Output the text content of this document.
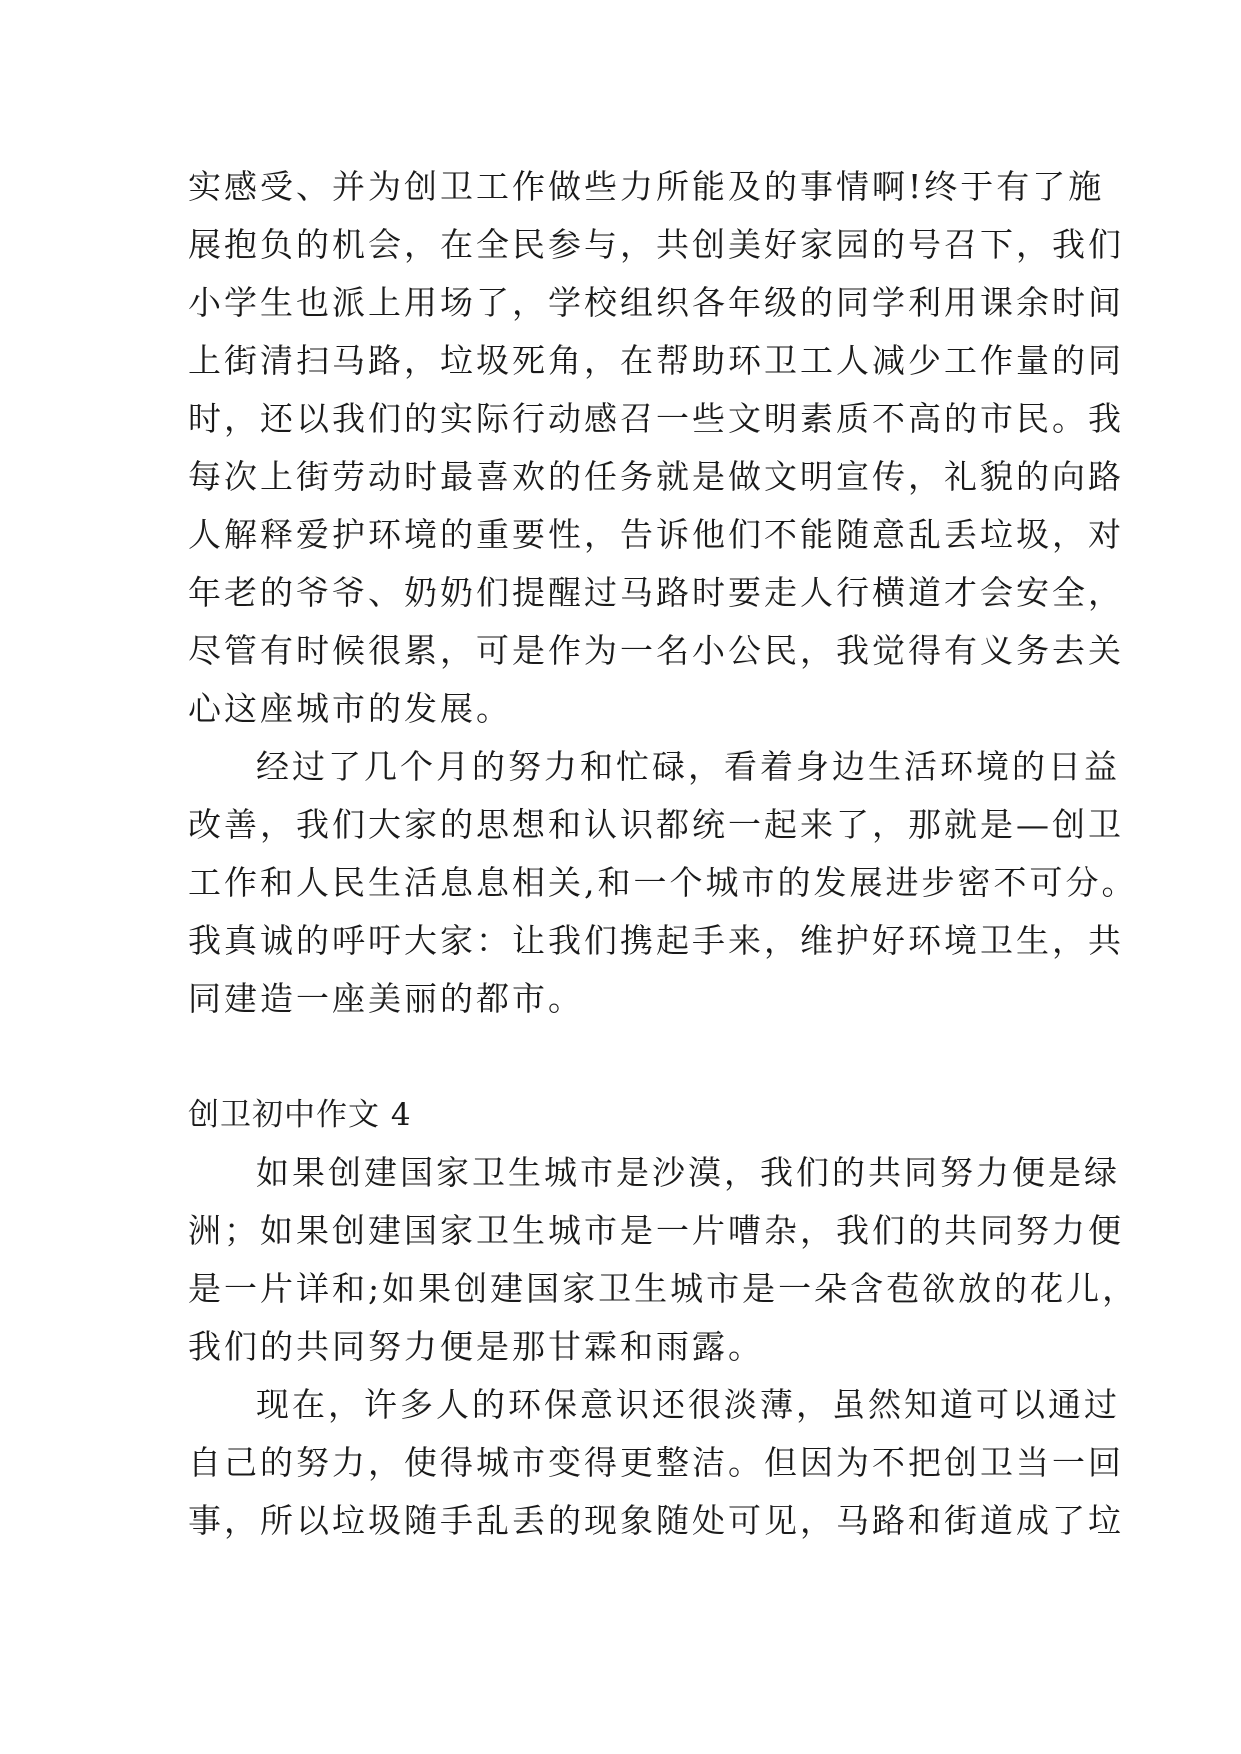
实感受、并为创卫工作做些力所能及的事情啊!终于有了施
展抱负的机会，在全民参与，共创美好家园的号召下，我们
小学生也派上用场了，学校组织各年级的同学利用课余时间
上街清扫马路，垃圾死角，在帮助环卫工人减少工作量的同
时，还以我们的实际行动感召一些文明素质不高的市民。我
每次上街劳动时最喜欢的任务就是做文明宣传，礼貌的向路
人解释爱护环境的重要性，告诉他们不能随意乱丢垃圾，对
年老的爷爷、奶奶们提醒过马路时要走人行横道才会安全，
尽管有时候很累，可是作为一名小公民，我觉得有义务去关
心这座城市的发展。
经过了几个月的努力和忙碌，看着身边生活环境的日益
改善，我们大家的思想和认识都统一起来了，那就是—创卫
工作和人民生活息息相关,和一个城市的发展进步密不可分。
我真诚的呼吁大家：让我们携起手来，维护好环境卫生，共
同建造一座美丽的都市。
创卫初中作文 4
如果创建国家卫生城市是沙漠，我们的共同努力便是绿
洲；如果创建国家卫生城市是一片嘈杂，我们的共同努力便
是一片详和;如果创建国家卫生城市是一朵含苞欲放的花儿，
我们的共同努力便是那甘霖和雨露。
现在，许多人的环保意识还很淡薄，虽然知道可以通过
自己的努力，使得城市变得更整洁。但因为不把创卫当一回
事，所以垃圾随手乱丢的现象随处可见，马路和街道成了垃
